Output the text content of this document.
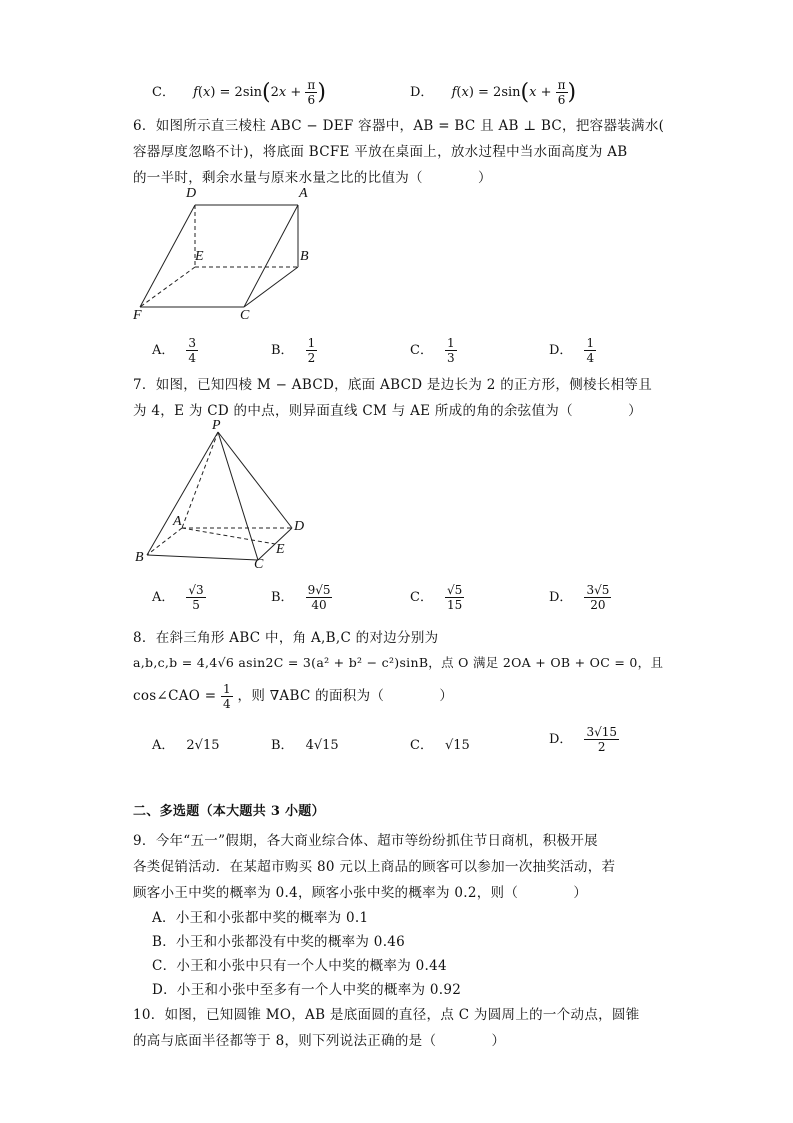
C． $f(x) = 2\sin(2x + \frac{\pi}{6}$ )	D． $f(x) = 2\sin(x + \frac{\pi}{6}$ )
6．如图所示直三棱柱 ABC − DEF 容器中，AB = BC 且 AB ⊥ BC，把容器装满水(
容器厚度忽略不计)，将底面 BCFE 平放在桌面上，放水过程中当水面高度为 AB
的一半时，剩余水量与原来水量之比的比值为（　　　　）
D	A
E	B
F	C
A． $\frac{3}{4}$	B． $\frac{1}{2}$	C． $\frac{1}{3}$	D． $\frac{1}{4}$
7．如图，已知四棱 M − ABCD，底面 ABCD 是边长为 2 的正方形，侧棱长相等且
为 4，E 为 CD 的中点，则异面直线 CM 与 AE 所成的角的余弦值为（　　　　）
P
A	D
B	C
E
A． $\frac{√3}{5}$	B． $\frac{9√5}{40}$	C． $\frac{√5}{15}$	D． $\frac{3√5}{20}$
8．在斜三角形 ABC 中，角 A,B,C 的对边分别为
a,b,c,b = 4,4√6 asin2C = 3(a² + b² − c²)sinB，点 O 满足 2OA + OB + OC = 0，且
cos∠CAO = $\frac{1}{4}$ ，则 ∇ABC 的面积为（　　　　）
A． 2√15	B． 4√15	C． √15	D． $\frac{3√15}{2}$
二、多选题（本大题共 3 小题）
9．今年“五一”假期，各大商业综合体、超市等纷纷抓住节日商机，积极开展
各类促销活动．在某超市购买 80 元以上商品的顾客可以参加一次抽奖活动，若
顾客小王中奖的概率为 0.4，顾客小张中奖的概率为 0.2，则（　　　　）
A．小王和小张都中奖的概率为 0.1
B．小王和小张都没有中奖的概率为 0.46
C．小王和小张中只有一个人中奖的概率为 0.44
D．小王和小张中至多有一个人中奖的概率为 0.92
10．如图，已知圆锥 MO，AB 是底面圆的直径，点 C 为圆周上的一个动点，圆锥
的高与底面半径都等于 8，则下列说法正确的是（　　　　）
